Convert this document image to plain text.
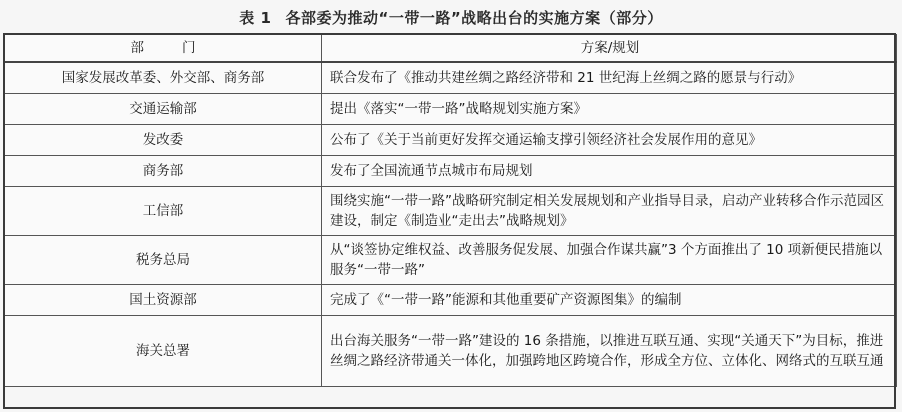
表 1 各部委为推动“一带一路”战略出台的实施方案（部分）
部门	方案/规划
国家发展改革委、外交部、商务部	联合发布了《推动共建丝绸之路经济带和 21 世纪海上丝绸之路的愿景与行动》
交通运输部	提出《落实“一带一路”战略规划实施方案》
发改委	公布了《关于当前更好发挥交通运输支撑引领经济社会发展作用的意见》
商务部	发布了全国流通节点城市布局规划
工信部	围绕实施“一带一路”战略研究制定相关发展规划和产业指导目录，启动产业转移合作示范园区建设，制定《制造业“走出去”战略规划》
税务总局	从“谈签协定维权益、改善服务促发展、加强合作谋共赢”3 个方面推出了 10 项新便民措施以服务“一带一路”
国土资源部	完成了《“一带一路”能源和其他重要矿产资源图集》的编制
海关总署	出台海关服务“一带一路”建设的 16 条措施，以推进互联互通、实现“关通天下”为目标，推进丝绸之路经济带通关一体化，加强跨地区跨境合作，形成全方位、立体化、网络式的互联互通
